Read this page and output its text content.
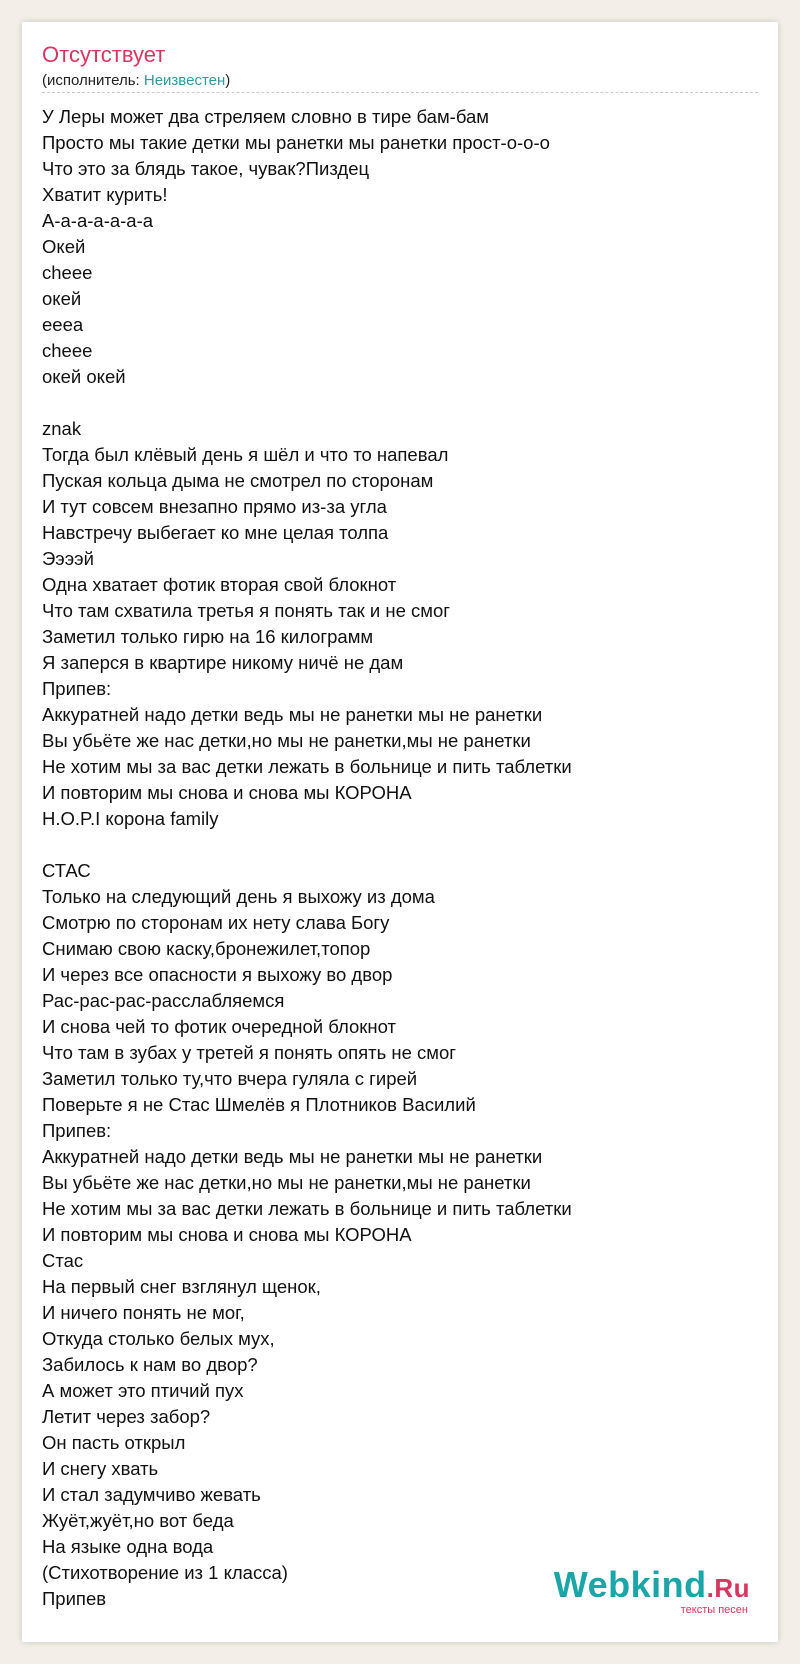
Отсутствует
(исполнитель: Неизвестен)
У Леры может два стреляем словно в тире бам-бам
Просто мы такие детки мы ранетки мы ранетки прост-о-о-о
Что это за блядь такое, чувак?Пиздец
Хватит курить!
А-а-а-а-а-а-а
Окей
cheee
окей
eeea
cheee
окей окей
znak
Тогда был клёвый день я шёл и что то напевал
Пуская кольца дыма не смотрел по сторонам
И тут совсем внезапно прямо из-за угла
Навстречу выбегает ко мне целая толпа
Ээээй
Одна хватает фотик вторая свой блокнот
Что там схватила третья я понять так и не смог
Заметил только гирю на 16 килограмм
Я заперся в квартире никому ничё не дам
Припев:
Аккуратней надо детки ведь мы не ранетки мы не ранетки
Вы убьёте же нас детки,но мы не ранетки,мы не ранетки
Не хотим мы за вас детки лежать в больнице и пить таблетки
И повторим мы снова и снова мы КОРОНА
H.O.P.I корона family
СТАС
Только на следующий день я выхожу из дома
Смотрю по сторонам их нету слава Богу
Снимаю свою каску,бронежилет,топор
И через все опасности я выхожу во двор
Рас-рас-рас-расслабляемся
И снова чей то фотик очередной блокнот
Что там в зубах у третей я понять опять не смог
Заметил только ту,что вчера гуляла с гирей
Поверьте я не Стас Шмелёв я Плотников Василий
Припев:
Аккуратней надо детки ведь мы не ранетки мы не ранетки
Вы убьёте же нас детки,но мы не ранетки,мы не ранетки
Не хотим мы за вас детки лежать в больнице и пить таблетки
И повторим мы снова и снова мы КОРОНА
Стас
На первый снег взглянул щенок,
И ничего понять не мог,
Откуда столько белых мух,
Забилось к нам во двор?
А может это птичий пух
Летит через забор?
Он пасть открыл
И снегу хвать
И стал задумчиво жевать
Жуёт,жуёт,но вот беда
На языке одна вода
(Стихотворение из 1 класса)
Припев	Webkind.Ru
тексты песен
